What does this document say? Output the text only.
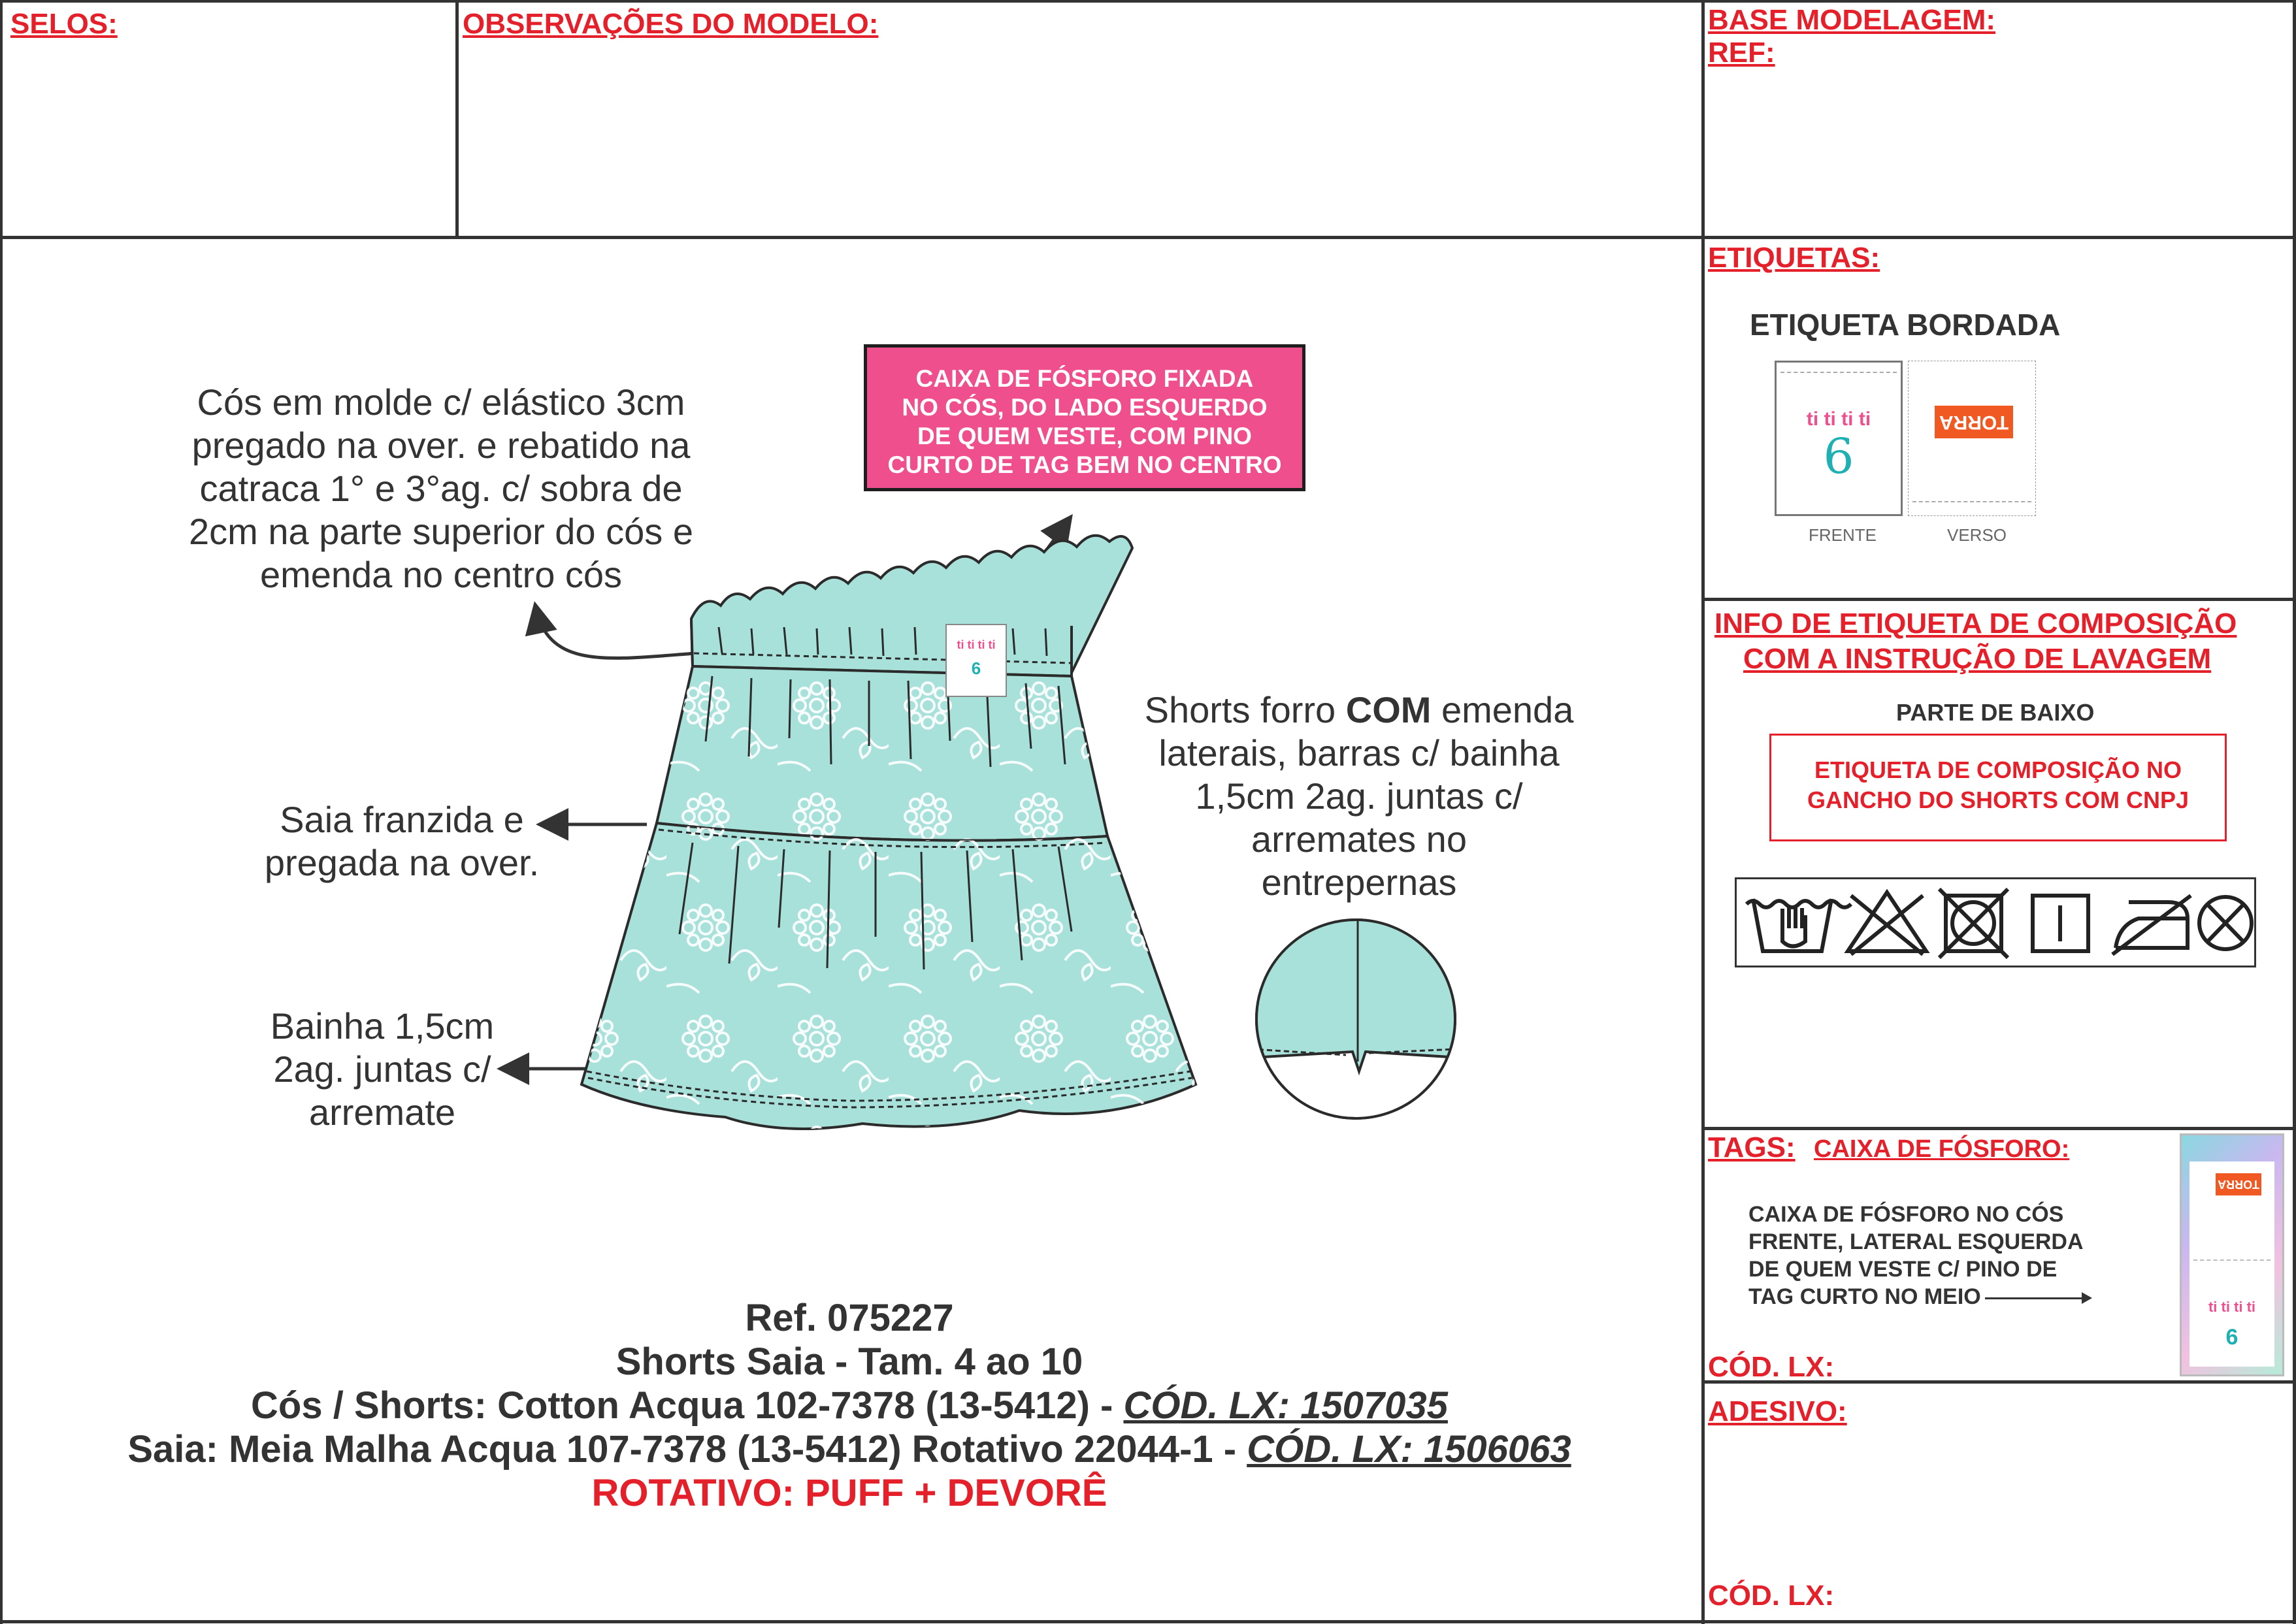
SELOS:	OBSERVAÇÕES DO MODELO:	BASE MODELAGEM:
REF:
Cós em molde c/ elástico 3cm
pregado na over. e rebatido na
catraca 1° e 3°ag. c/ sobra de
2cm na parte superior do cós e
emenda no centro cós
Saia franzida e
pregada na over.
Bainha 1,5cm
2ag. juntas c/
arremate
Shorts forro COM emenda
laterais, barras c/ bainha
1,5cm 2ag. juntas c/
arremates no
entrepernas
CAIXA DE FÓSFORO FIXADA
NO CÓS, DO LADO ESQUERDO
DE QUEM VESTE, COM PINO
CURTO DE TAG BEM NO CENTRO
ti ti ti ti
6
Ref. 075227
Shorts Saia - Tam. 4 ao 10
Cós / Shorts: Cotton Acqua 102-7378 (13-5412) - CÓD. LX: 1507035
Saia: Meia Malha Acqua 107-7378 (13-5412) Rotativo 22044-1 - CÓD. LX: 1506063
ROTATIVO: PUFF + DEVORÊ
ETIQUETAS:
ETIQUETA BORDADA
ti ti ti ti
6
TORRA
FRENTE	VERSO
INFO DE ETIQUETA DE COMPOSIÇÃO
COM A INSTRUÇÃO DE LAVAGEM
PARTE DE BAIXO
ETIQUETA DE COMPOSIÇÃO NO
GANCHO DO SHORTS COM CNPJ
TAGS: CAIXA DE FÓSFORO:
CAIXA DE FÓSFORO NO CÓS
FRENTE, LATERAL ESQUERDA
DE QUEM VESTE C/ PINO DE
TAG CURTO NO MEIO
TORRA
ti ti ti ti
6
CÓD. LX:
ADESIVO:
CÓD. LX:
